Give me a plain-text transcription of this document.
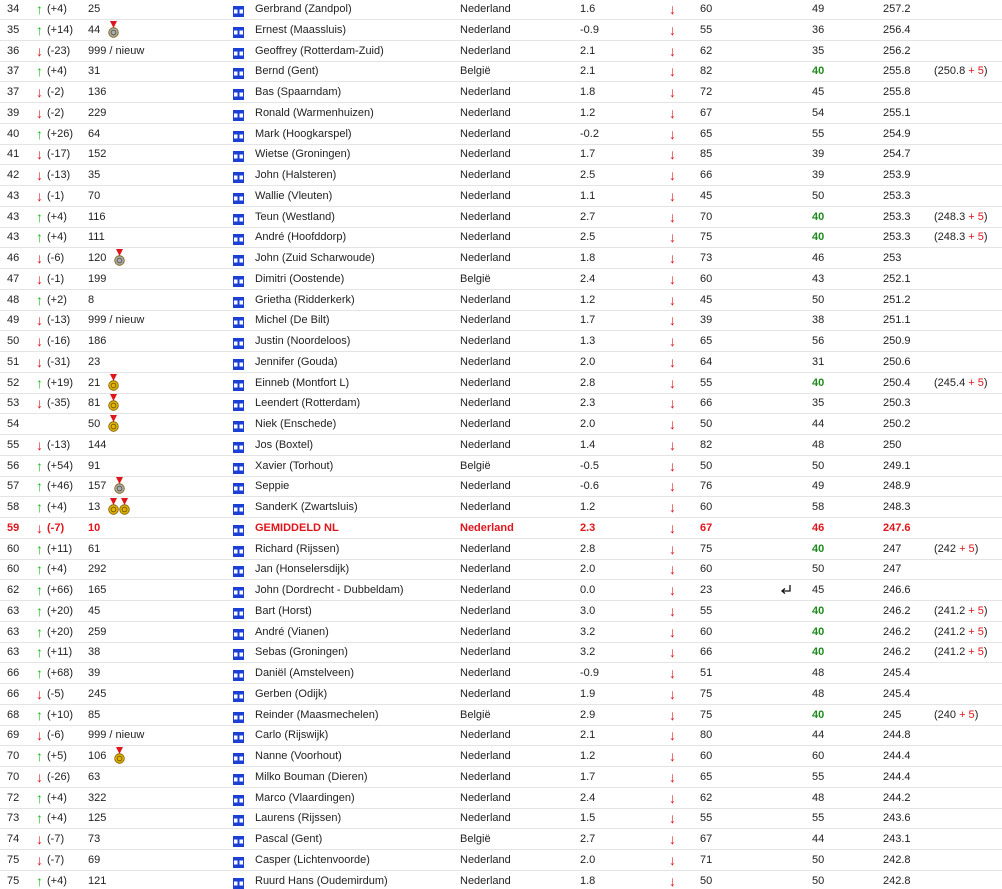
34 ↑ (+4) 25	Gerbrand (Zandpol)	Nederland	1.6	↓ 60	49	257.2
35 ↑ (+14) 44	Ernest (Maassluis)	Nederland	-0.9	↓ 55	36	256.4
36 ↓ (-23) 999 / nieuw	Geoffrey (Rotterdam-Zuid)	Nederland	2.1	↓ 62	35	256.2
37 ↑ (+4) 31	Bernd (Gent)	België	2.1	↓ 82	40	255.8 (250.8 + 5)
37 ↓ (-2) 136	Bas (Spaarndam)	Nederland	1.8	↓ 72	45	255.8
39 ↓ (-2) 229	Ronald (Warmenhuizen)	Nederland	1.2	↓ 67	54	255.1
40 ↑ (+26) 64	Mark (Hoogkarspel)	Nederland	-0.2	↓ 65	55	254.9
41 ↓ (-17) 152	Wietse (Groningen)	Nederland	1.7	↓ 85	39	254.7
42 ↓ (-13) 35	John (Halsteren)	Nederland	2.5	↓ 66	39	253.9
43 ↓ (-1) 70	Wallie (Vleuten)	Nederland	1.1	↓ 45	50	253.3
43 ↑ (+4) 116	Teun (Westland)	Nederland	2.7	↓ 70	40	253.3 (248.3 + 5)
43 ↑ (+4) 111	André (Hoofddorp)	Nederland	2.5	↓ 75	40	253.3 (248.3 + 5)
46 ↓ (-6) 120	John (Zuid Scharwoude)	Nederland	1.8	↓ 73	46	253
47 ↓ (-1) 199	Dimitri (Oostende)	België	2.4	↓ 60	43	252.1
48 ↑ (+2) 8	Grietha (Ridderkerk)	Nederland	1.2	↓ 45	50	251.2
49 ↓ (-13) 999 / nieuw	Michel (De Bilt)	Nederland	1.7	↓ 39	38	251.1
50 ↓ (-16) 186	Justin (Noordeloos)	Nederland	1.3	↓ 65	56	250.9
51 ↓ (-31) 23	Jennifer (Gouda)	Nederland	2.0	↓ 64	31	250.6
52 ↑ (+19) 21	Einneb (Montfort L)	Nederland	2.8	↓ 55	40	250.4 (245.4 + 5)
53 ↓ (-35) 81	Leendert (Rotterdam)	Nederland	2.3	↓ 66	35	250.3
54	50	Niek (Enschede)	Nederland	2.0	↓ 50	44	250.2
55 ↓ (-13) 144	Jos (Boxtel)	Nederland	1.4	↓ 82	48	250
56 ↑ (+54) 91	Xavier (Torhout)	België	-0.5	↓ 50	50	249.1
57 ↑ (+46) 157	Seppie	Nederland	-0.6	↓ 76	49	248.9
58 ↑ (+4) 13	SanderK (Zwartsluis)	Nederland	1.2	↓ 60	58	248.3
59 ↓ (-7) 10	GEMIDDELD NL	Nederland	2.3	↓ 67	46	247.6
60 ↑ (+11) 61	Richard (Rijssen)	Nederland	2.8	↓ 75	40	247	(242 + 5)
60 ↑ (+4) 292	Jan (Honselersdijk)	Nederland	2.0	↓ 60	50	247
62 ↑ (+66) 165	John (Dordrecht - Dubbeldam)	Nederland	0.0	↓ 23	45	246.6
63 ↑ (+20) 45	Bart (Horst)	Nederland	3.0	↓ 55	40	246.2 (241.2 + 5)
63 ↑ (+20) 259	André (Vianen)	Nederland	3.2	↓ 60	40	246.2 (241.2 + 5)
63 ↑ (+11) 38	Sebas (Groningen)	Nederland	3.2	↓ 66	40	246.2 (241.2 + 5)
66 ↑ (+68) 39	Daniël (Amstelveen)	Nederland	-0.9	↓ 51	48	245.4
66 ↓ (-5) 245	Gerben (Odijk)	Nederland	1.9	↓ 75	48	245.4
68 ↑ (+10) 85	Reinder (Maasmechelen)	België	2.9	↓ 75	40	245	(240 + 5)
69 ↓ (-6) 999 / nieuw	Carlo (Rijswijk)	Nederland	2.1	↓ 80	44	244.8
70 ↑ (+5) 106	Nanne (Voorhout)	Nederland	1.2	↓ 60	60	244.4
70 ↓ (-26) 63	Milko Bouman (Dieren)	Nederland	1.7	↓ 65	55	244.4
72 ↑ (+4) 322	Marco (Vlaardingen)	Nederland	2.4	↓ 62	48	244.2
73 ↑ (+4) 125	Laurens (Rijssen)	Nederland	1.5	↓ 55	55	243.6
74 ↓ (-7) 73	Pascal (Gent)	België	2.7	↓ 67	44	243.1
75 ↓ (-7) 69	Casper (Lichtenvoorde)	Nederland	2.0	↓ 71	50	242.8
75 ↑ (+4) 121	Ruurd Hans (Oudemirdum)	Nederland	1.8	↓ 50	50	242.8
